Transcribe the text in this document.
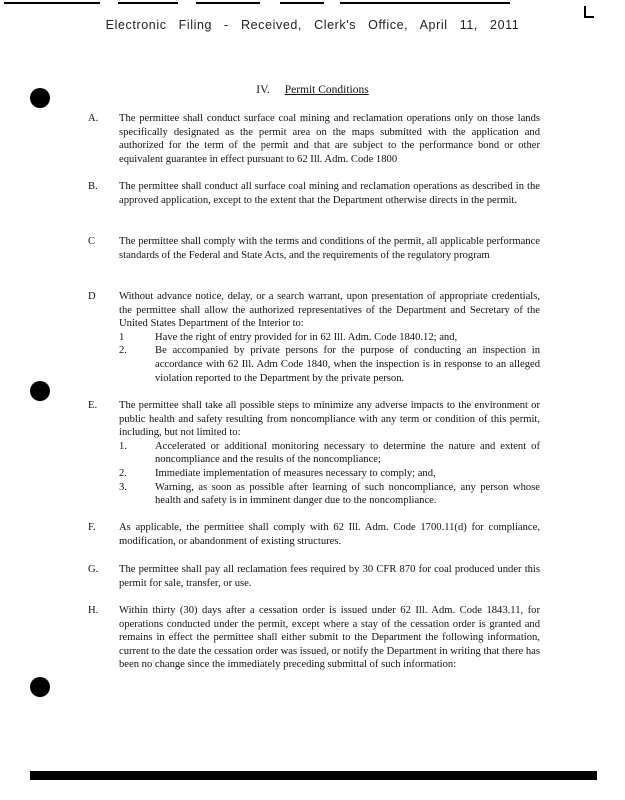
Electronic Filing - Received, Clerk's Office, April 11, 2011
IV. Permit Conditions
A. The permittee shall conduct surface coal mining and reclamation operations only on those lands specifically designated as the permit area on the maps submitted with the application and authorized for the term of the permit and that are subject to the performance bond or other equivalent guarantee in effect pursuant to 62 Ill. Adm. Code 1800
B. The permittee shall conduct all surface coal mining and reclamation operations as described in the approved application, except to the extent that the Department otherwise directs in the permit.
C The permittee shall comply with the terms and conditions of the permit, all applicable performance standards of the Federal and State Acts, and the requirements of the regulatory program
D Without advance notice, delay, or a search warrant, upon presentation of appropriate credentials, the permittee shall allow the authorized representatives of the Department and Secretary of the United States Department of the Interior to:
1	Have the right of entry provided for in 62 Ill. Adm. Code 1840.12; and,
2.	Be accompanied by private persons for the purpose of conducting an inspection in accordance with 62 Ill. Adm Code 1840, when the inspection is in response to an alleged violation reported to the Department by the private person.
E. The permittee shall take all possible steps to minimize any adverse impacts to the environment or public health and safety resulting from noncompliance with any term or condition of this permit, including, but not limited to:
1.	Accelerated or additional monitoring necessary to determine the nature and extent of noncompliance and the results of the noncompliance;
2.	Immediate implementation of measures necessary to comply; and,
3.	Warning, as soon as possible after learning of such noncompliance, any person whose health and safety is in imminent danger due to the noncompliance.
F. As applicable, the permittee shall comply with 62 Ill. Adm. Code 1700.11(d) for compliance, modification, or abandonment of existing structures.
G. The permittee shall pay all reclamation fees required by 30 CFR 870 for coal produced under this permit for sale, transfer, or use.
H. Within thirty (30) days after a cessation order is issued under 62 Ill. Adm. Code 1843.11, for operations conducted under the permit, except where a stay of the cessation order is granted and remains in effect the permittee shall either submit to the Department the following information, current to the date the cessation order was issued, or notify the Department in writing that there has been no change since the immediately preceding submittal of such information:
